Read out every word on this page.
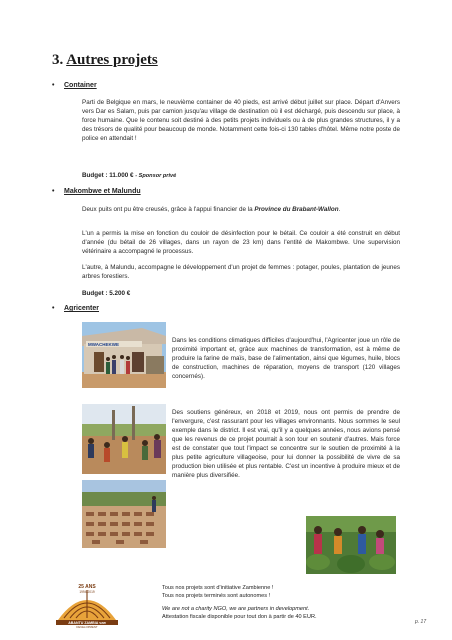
3. Autres projets
• Container
Parti de Belgique en mars, le neuvième container de 40 pieds, est arrivé début juillet sur place. Départ d'Anvers vers Dar es Salam, puis par camion jusqu'au village de destination où il est déchargé, puis descendu sur place, à force humaine. Que le contenu soit destiné à des petits projets individuels ou à de plus grandes structures, il y a des trésors de qualité pour beaucoup de monde. Notamment cette fois-ci 130 tables d'hôtel. Même notre poste de police en attendait !
Budget : 11.000 € - Sponsor privé
• Makombwe et Malundu
Deux puits ont pu être creusés, grâce à l'appui financier de la Province du Brabant-Wallon.
L'un a permis la mise en fonction du couloir de désinfection pour le bétail. Ce couloir a été construit en début d'année (du bétail de 26 villages, dans un rayon de 23 km) dans l'entité de Makombwe. Une supervision vétérinaire a accompagné le processus.
L'autre, à Malundu, accompagne le développement d'un projet de femmes : potager, poules, plantation de jeunes arbres forestiers.
Budget : 5.200 €
• Agricenter
MWACHEKWE
Dans les conditions climatiques difficiles d'aujourd'hui, l'Agricenter joue un rôle de proximité important et, grâce aux machines de transformation, est à même de produire la farine de maïs, base de l'alimentation, ainsi que légumes, huile, blocs de construction, machines de réparation, moyens de transport (120 villages concernés).
Des soutiens généreux, en 2018 et 2019, nous ont permis de prendre de l'envergure, c'est rassurant pour les villages environnants. Nous sommes le seul exemple dans le district. Il est vrai, qu'il y a quelques années, nous avions pensé que les revenus de ce projet pourrait à son tour en soutenir d'autres. Mais force est de constater que tout l'impact se concentre sur le soutien de proximité à la plus petite agriculture villageoise, pour lui donner la possibilité de vivre de sa production bien utilisée et plus rentable. C'est un incentive à produire mieux et de manière plus diversifiée.
25 ANS
1994-2019
ABANTU ZAMBIA vzw
DEVELOPMENT
Tous nos projets sont d'initiative Zambienne !
Tous nos projets terminés sont autonomes !
We are not a charity NGO, we are partners in development.
Attestation fiscale disponible pour tout don à partir de 40 EUR.
p. 17
